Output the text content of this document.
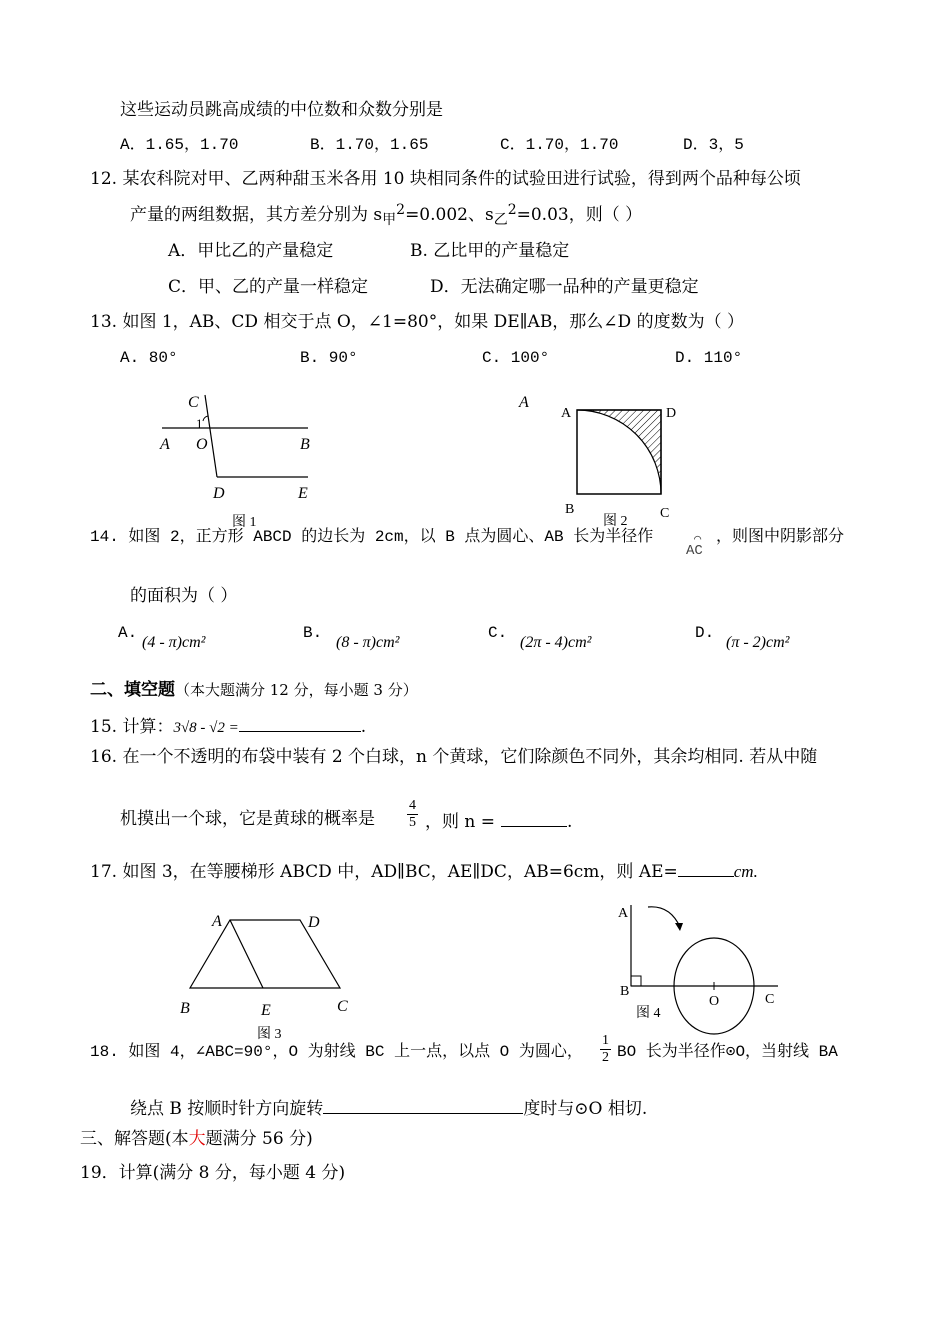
这些运动员跳高成绩的中位数和众数分别是
A．1.65，1.70	B．1.70，1.65	C．1.70，1.70	D．3，5
12. 某农科院对甲、乙两种甜玉米各用 10 块相同条件的试验田进行试验，得到两个品种每公顷
产量的两组数据，其方差分别为 $s_甲^2=0.002$、$s_乙^2=0.03$，则（ ）
A．甲比乙的产量稳定	B. 乙比甲的产量稳定
C．甲、乙的产量一样稳定	D．无法确定哪一品种的产量更稳定
13. 如图 1，AB、CD 相交于点 O，∠1=80°，如果 DE∥AB，那么∠D 的度数为（ ）
A. 80°	B. 90°	C. 100°	D. 110°
C
1
A O	B
D	E
图 1
A
A	D
B	C
图 2
14. 如图 2，正方形 ABCD 的边长为 2cm，以 B 点为圆心、AB 长为半径作	⌒
AC
，则图中阴影部分
的面积为（ ）
A.
(4 - π)cm²
B.
(8 - π)cm²
C.
(2π - 4)cm²
D.
(π - 2)cm²
二、填空题（本大题满分 12 分，每小题 3 分）
15. 计算：3√8 - √2 =	.
16. 在一个不透明的布袋中装有 2 个白球，n 个黄球，它们除颜色不同外，其余均相同. 若从中随
机摸出一个球，它是黄球的概率是 $\frac{4}{5}$ ，则 n =	.
17. 如图 3，在等腰梯形 ABCD 中，AD∥BC，AE∥DC，AB=6cm，则 AE=	cm.
A	D
B	E	C
图 3
A
B
O	C
图 4
18. 如图 4，∠ABC=90°，O 为射线 BC 上一点，以点 O 为圆心， $\frac{1}{2}$ BO 长为半径作⊙O，当射线 BA
绕点 B 按顺时针方向旋转	度时与⊙O 相切.
三、解答题(本大题满分 56 分)
19．计算(满分 8 分，每小题 4 分)
